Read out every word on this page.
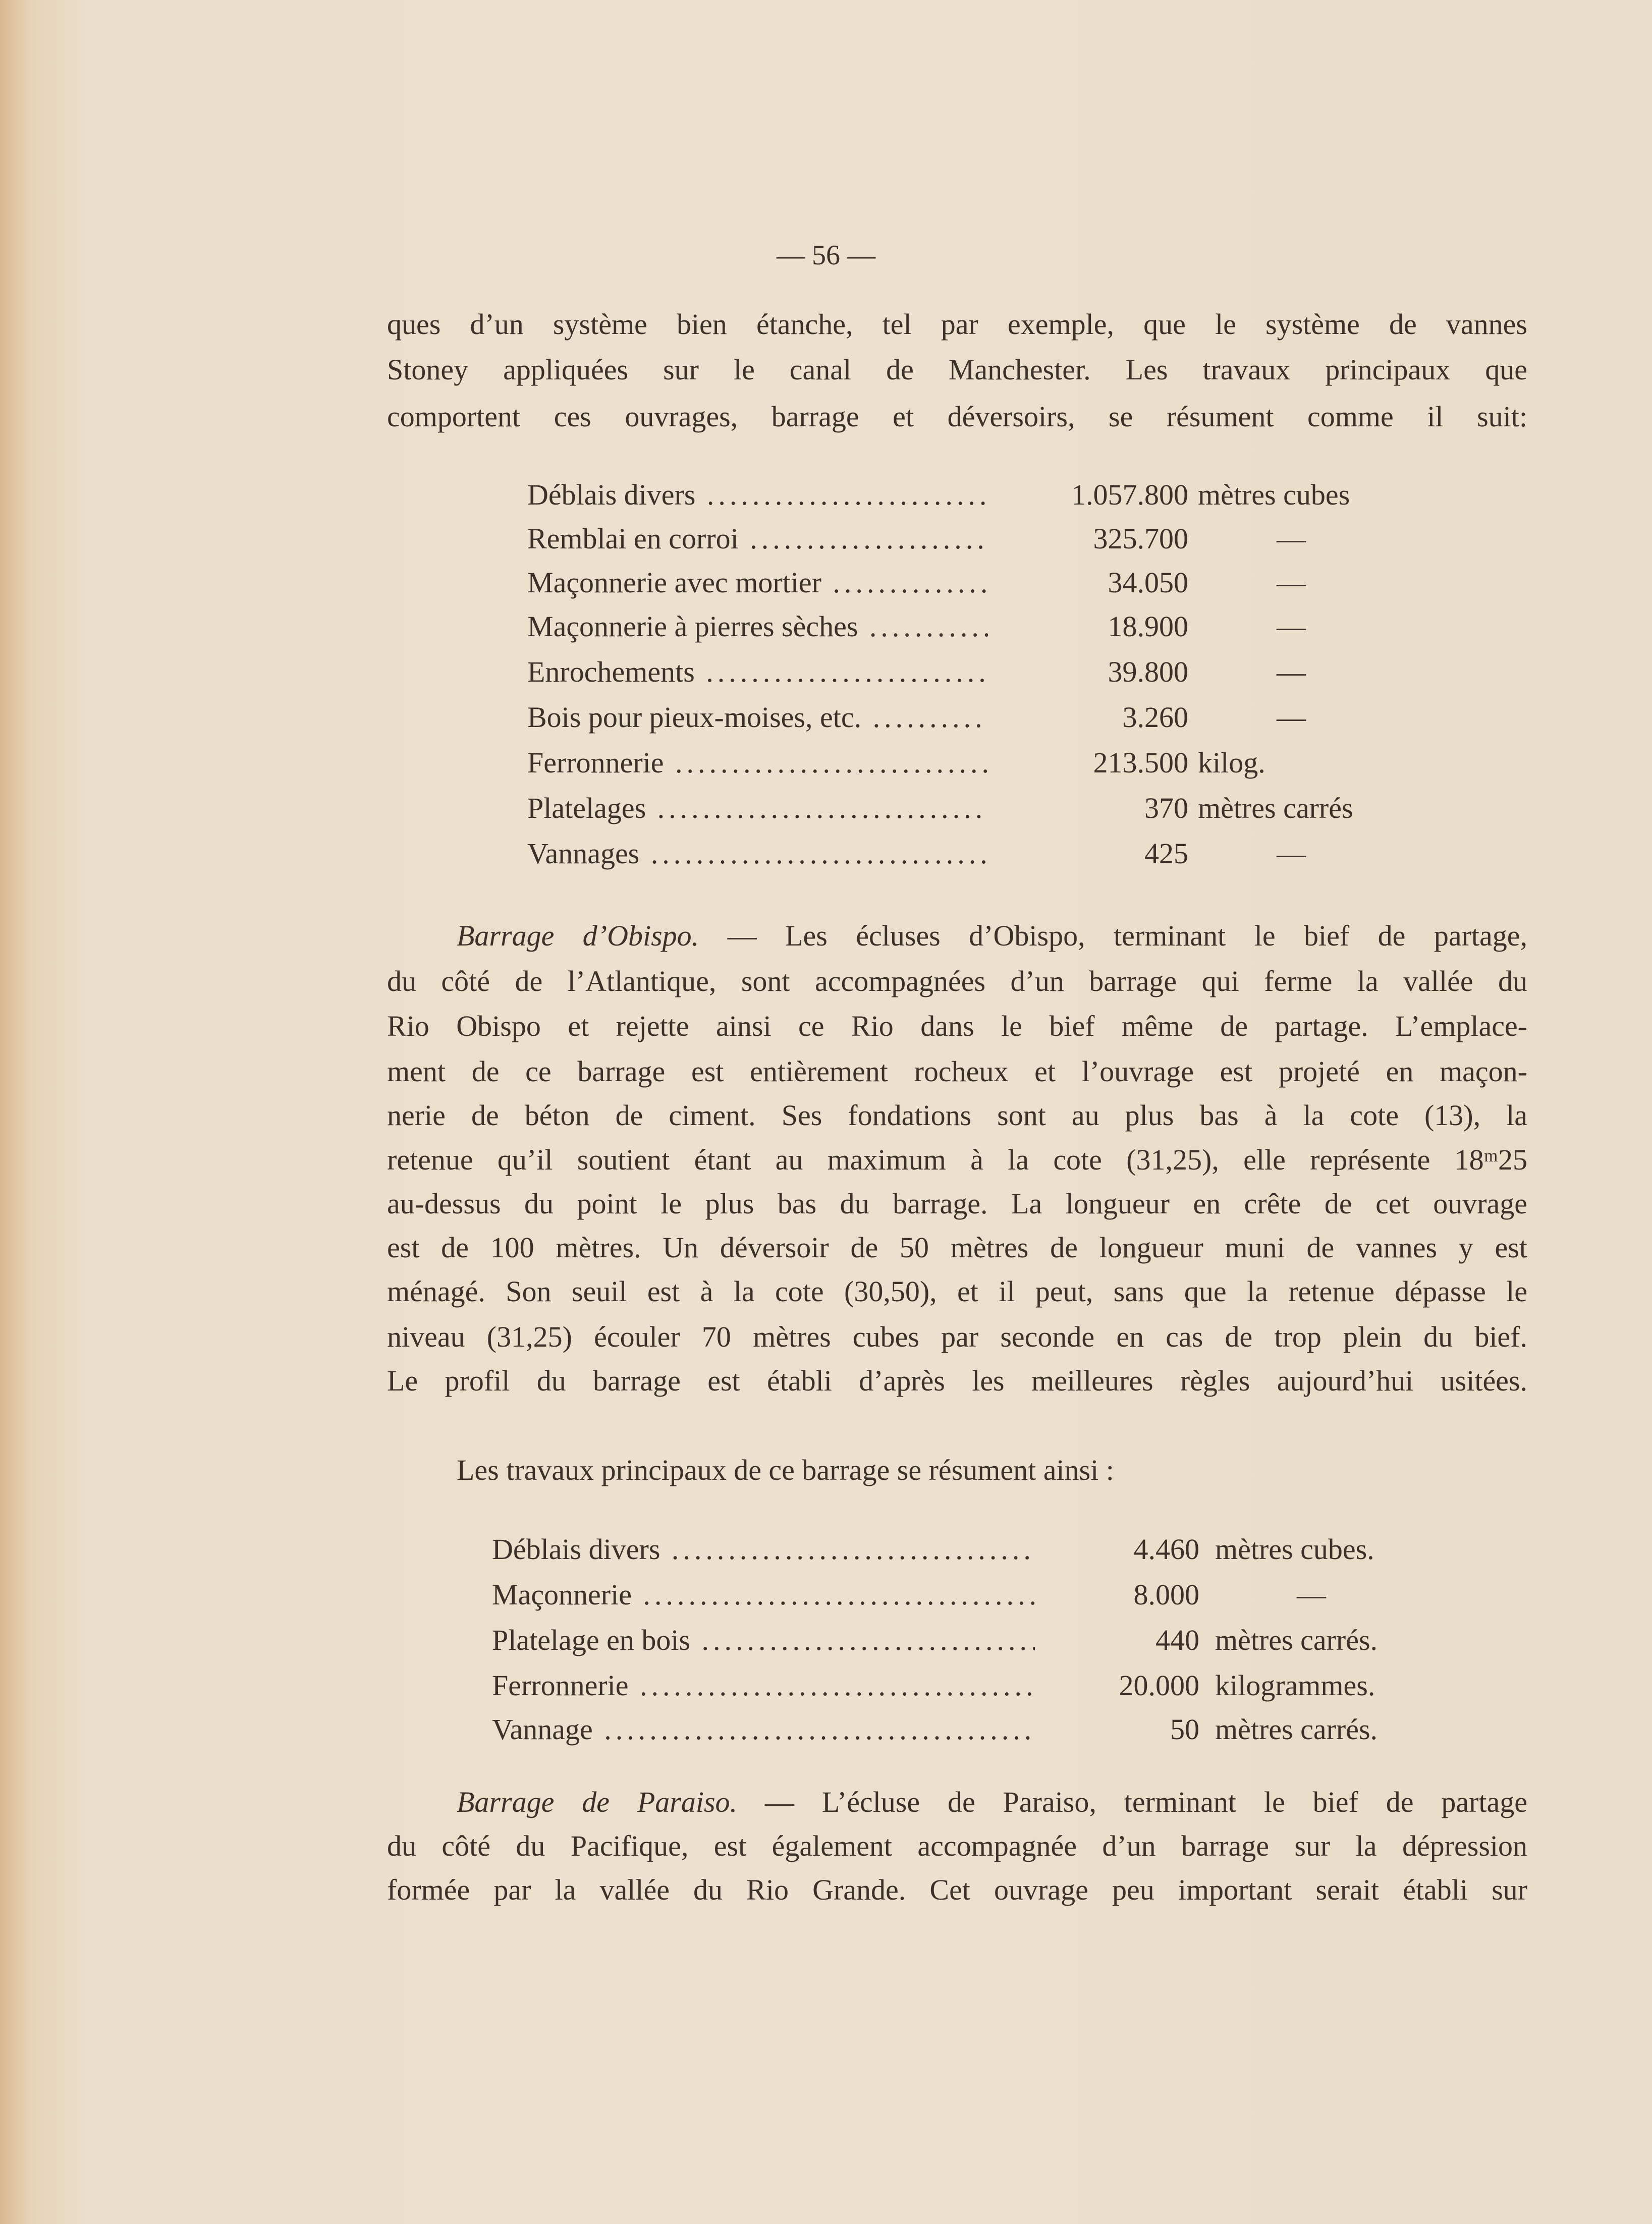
— 56 —
ques d’un système bien étanche, tel par exemple, que le système de vannes
Stoney appliquées sur le canal de Manchester. Les travaux principaux que
comportent ces ouvrages, barrage et déversoirs, se résument comme il suit:
Déblais divers .....	1.057.800 mètres cubes
Remblai en corroi .....	325.700	—
Maçonnerie avec mortier .....	34.050	—
Maçonnerie à pierres sèches .....	18.900	—
Enrochements .....	39.800	—
Bois pour pieux-moises, etc. .....	3.260	—
Ferronnerie .....	213.500 kilog.
Platelages .....	370 mètres carrés
Vannages .....	425	—
Barrage d’Obispo. — Les écluses d’Obispo, terminant le bief de partage,
du côté de l’Atlantique, sont accompagnées d’un barrage qui ferme la vallée du
Rio Obispo et rejette ainsi ce Rio dans le bief même de partage. L’emplace-
ment de ce barrage est entièrement rocheux et l’ouvrage est projeté en maçon-
nerie de béton de ciment. Ses fondations sont au plus bas à la cote (13), la
retenue qu’il soutient étant au maximum à la cote (31,25), elle représente 18ᵐ25
au-dessus du point le plus bas du barrage. La longueur en crête de cet ouvrage
est de 100 mètres. Un déversoir de 50 mètres de longueur muni de vannes y est
ménagé. Son seuil est à la cote (30,50), et il peut, sans que la retenue dépasse le
niveau (31,25) écouler 70 mètres cubes par seconde en cas de trop plein du bief.
Le profil du barrage est établi d’après les meilleures règles aujourd’hui usitées.
Les travaux principaux de ce barrage se résument ainsi :
Déblais divers .....	4.460 mètres cubes.
Maçonnerie .....	8.000	—
Platelage en bois .....	440 mètres carrés.
Ferronnerie .....	20.000 kilogrammes.
Vannage .....	50 mètres carrés.
Barrage de Paraiso. — L’écluse de Paraiso, terminant le bief de partage
du côté du Pacifique, est également accompagnée d’un barrage sur la dépression
formée par la vallée du Rio Grande. Cet ouvrage peu important serait établi sur
